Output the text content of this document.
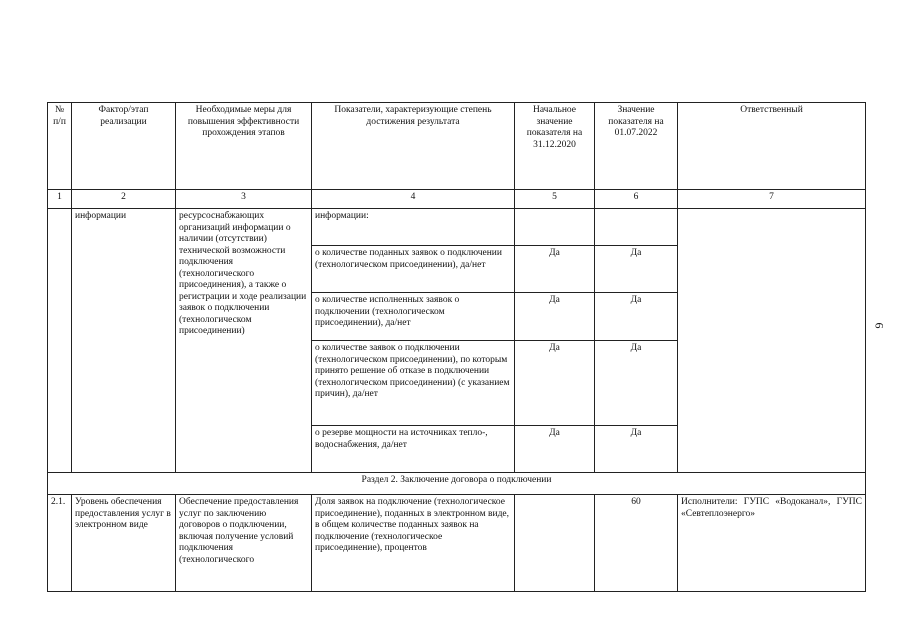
№ п/п	Фактор/этап реализации	Необходимые меры для повышения эффективности прохождения этапов	Показатели, характеризующие степень достижения результата	Начальное значение показателя на 31.12.2020	Значение показателя на 01.07.2022	Ответственный
1	2	3	4	5	6	7
	информации	ресурсоснабжающих организаций информации о наличии (отсутствии) технической возможности подключения (технологического присоединения), а также о регистрации и ходе реализации заявок о подключении (технологическом присоединении)	информации:			
			о количестве поданных заявок о подключении (технологическом присоединении), да/нет	Да	Да	
			о количестве исполненных заявок о подключении (технологическом присоединении), да/нет	Да	Да	
			о количестве заявок о подключении (технологическом присоединении), по которым принято решение об отказе в подключении (технологическом присоединении) (с указанием причин), да/нет	Да	Да	
			о резерве мощности на источниках тепло-, водоснабжения, да/нет	Да	Да	
Раздел 2. Заключение договора о подключении						
2.1.	Уровень обеспечения предоставления услуг в электронном виде	Обеспечение предоставления услуг по заключению договоров о подключении, включая получение условий подключения (технологического	Доля заявок на подключение (технологическое присоединение), поданных в электронном виде, в общем количестве поданных заявок на подключение (технологическое присоединение), процентов		60	Исполнители: ГУПС «Водоканал», ГУПС «Севтеплоэнерго»
6
